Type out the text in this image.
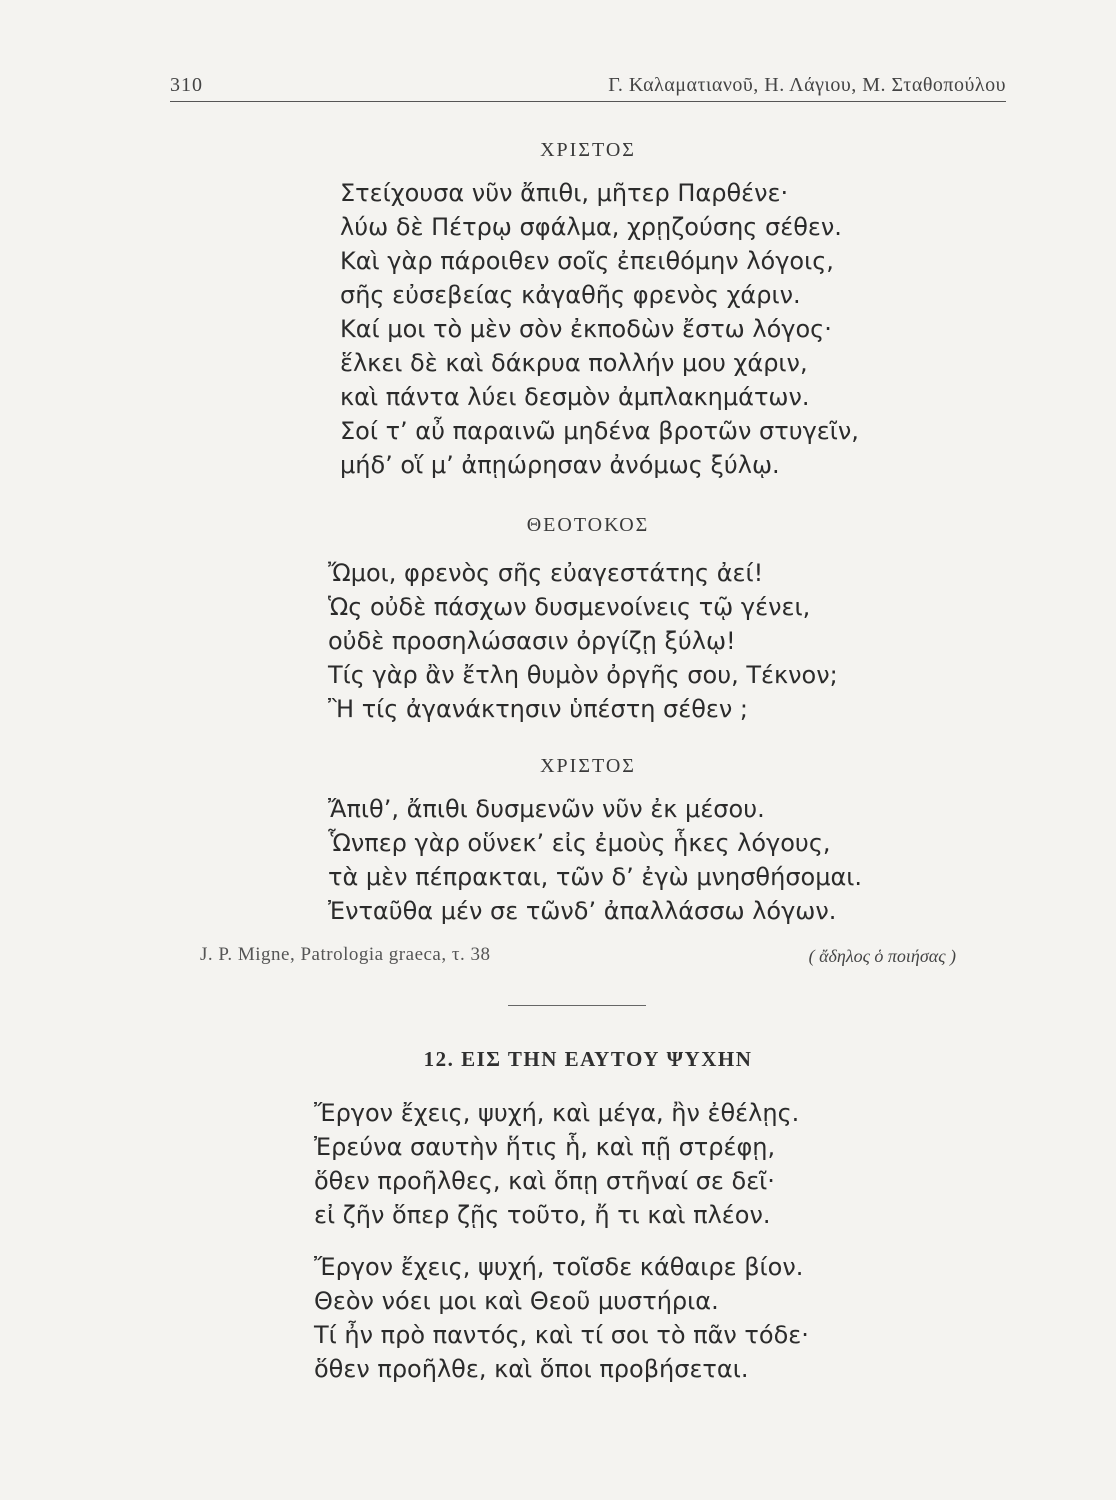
310	Γ. Καλαματιανοῦ, Η. Λάγιου, Μ. Σταθοπούλου
ΧΡΙΣΤΟΣ
Στείχουσα νῦν ἄπιθι, μῆτερ Παρθένε·
λύω δὲ Πέτρῳ σφάλμα, χρῃζούσης σέθεν.
Καὶ γὰρ πάροιθεν σοῖς ἐπειθόμην λόγοις,
σῆς εὐσεβείας κἀγαθῆς φρενὸς χάριν.
Καί μοι τὸ μὲν σὸν ἐκποδὼν ἔστω λόγος·
ἕλκει δὲ καὶ δάκρυα πολλήν μου χάριν,
καὶ πάντα λύει δεσμὸν ἀμπλακημάτων.
Σοί τ’ αὖ παραινῶ μηδένα βροτῶν στυγεῖν,
μήδ’ οἵ μ’ ἀπῃώρησαν ἀνόμως ξύλῳ.
ΘΕΟΤΟΚΟΣ
Ὤμοι, φρενὸς σῆς εὐαγεστάτης ἀεί!
Ὡς οὐδὲ πάσχων δυσμενοίνεις τῷ γένει,
οὐδὲ προσηλώσασιν ὀργίζῃ ξύλῳ!
Τίς γὰρ ἂν ἔτλη θυμὸν ὀργῆς σου, Τέκνον;
Ἢ τίς ἀγανάκτησιν ὑπέστη σέθεν ;
ΧΡΙΣΤΟΣ
Ἄπιθ’, ἄπιθι δυσμενῶν νῦν ἐκ μέσου.
Ὧνπερ γὰρ οὕνεκ’ εἰς ἐμοὺς ἧκες λόγους,
τὰ μὲν πέπρακται, τῶν δ’ ἐγὼ μνησθήσομαι.
Ἐνταῦθα μέν σε τῶνδ’ ἀπαλλάσσω λόγων.
J. P. Migne, Patrologia graeca, τ. 38	( ἄδηλος ὁ ποιήσας )
12. ΕΙΣ ΤΗΝ ΕΑΥΤΟΥ ΨΥΧΗΝ
Ἔργον ἔχεις, ψυχή, καὶ μέγα, ἢν ἐθέλῃς.
Ἐρεύνα σαυτὴν ἥτις ἧ, καὶ πῇ στρέφῃ,
ὅθεν προῆλθες, καὶ ὅπῃ στῆναί σε δεῖ·
εἰ ζῆν ὅπερ ζῇς τοῦτο, ἤ τι καὶ πλέον.
Ἔργον ἔχεις, ψυχή, τοῖσδε κάθαιρε βίον.
Θεὸν νόει μοι καὶ Θεοῦ μυστήρια.
Τί ἦν πρὸ παντός, καὶ τί σοι τὸ πᾶν τόδε·
ὅθεν προῆλθε, καὶ ὅποι προβήσεται.
